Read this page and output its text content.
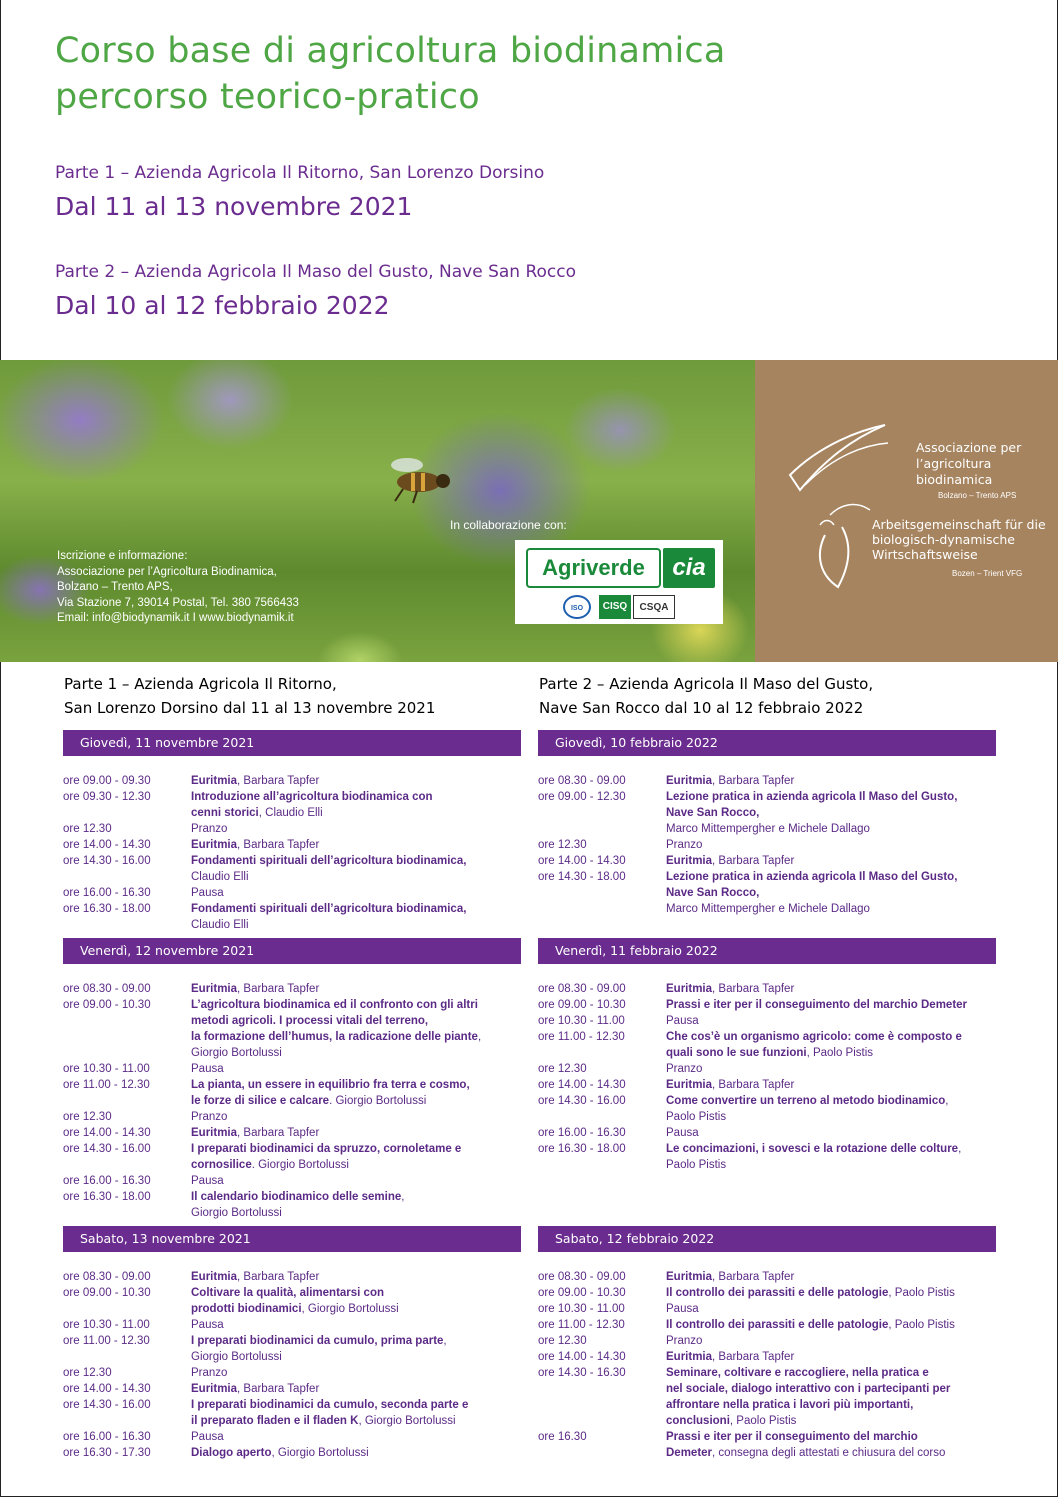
Corso base di agricoltura biodinamica
percorso teorico-pratico
Parte 1 – Azienda Agricola Il Ritorno, San Lorenzo Dorsino
Dal 11 al 13 novembre 2021
Parte 2 – Azienda Agricola Il Maso del Gusto, Nave San Rocco
Dal 10 al 12 febbraio 2022
In collaborazione con:
Iscrizione e informazione:
Associazione per l’Agricoltura Biodinamica,
Bolzano – Trento APS,
Via Stazione 7, 39014 Postal, Tel. 380 7566433
Email: info@biodynamik.it I www.biodynamik.it
Agriverde	cia
ISO	CISQ	CSQA
Associazione per
l’agricoltura
biodinamica
Bolzano – Trento APS
Arbeitsgemeinschaft für die
biologisch-dynamische
Wirtschaftsweise
Bozen – Trient VFG
Parte 1 – Azienda Agricola Il Ritorno,
San Lorenzo Dorsino dal 11 al 13 novembre 2021
Giovedì, 11 novembre 2021
ore 09.00 - 09.30	Euritmia, Barbara Tapfer
ore 09.30 - 12.30	Introduzione all’agricoltura biodinamica con
cenni storici, Claudio Elli
ore 12.30	Pranzo
ore 14.00 - 14.30	Euritmia, Barbara Tapfer
ore 14.30 - 16.00	Fondamenti spirituali dell’agricoltura biodinamica,
Claudio Elli
ore 16.00 - 16.30	Pausa
ore 16.30 - 18.00	Fondamenti spirituali dell’agricoltura biodinamica,
Claudio Elli
Venerdì, 12 novembre 2021
ore 08.30 - 09.00	Euritmia, Barbara Tapfer
ore 09.00 - 10.30	L’agricoltura biodinamica ed il confronto con gli altri
metodi agricoli. I processi vitali del terreno,
la formazione dell’humus, la radicazione delle piante,
Giorgio Bortolussi
ore 10.30 - 11.00	Pausa
ore 11.00 - 12.30	La pianta, un essere in equilibrio fra terra e cosmo,
le forze di silice e calcare. Giorgio Bortolussi
ore 12.30	Pranzo
ore 14.00 - 14.30	Euritmia, Barbara Tapfer
ore 14.30 - 16.00	I preparati biodinamici da spruzzo, cornoletame e
cornosilice. Giorgio Bortolussi
ore 16.00 - 16.30	Pausa
ore 16.30 - 18.00	Il calendario biodinamico delle semine,
Giorgio Bortolussi
Sabato, 13 novembre 2021
ore 08.30 - 09.00	Euritmia, Barbara Tapfer
ore 09.00 - 10.30	Coltivare la qualità, alimentarsi con
prodotti biodinamici, Giorgio Bortolussi
ore 10.30 - 11.00	Pausa
ore 11.00 - 12.30	I preparati biodinamici da cumulo, prima parte,
Giorgio Bortolussi
ore 12.30	Pranzo
ore 14.00 - 14.30	Euritmia, Barbara Tapfer
ore 14.30 - 16.00	I preparati biodinamici da cumulo, seconda parte e
il preparato fladen e il fladen K, Giorgio Bortolussi
ore 16.00 - 16.30	Pausa
ore 16.30 - 17.30	Dialogo aperto, Giorgio Bortolussi
Parte 2 – Azienda Agricola Il Maso del Gusto,
Nave San Rocco dal 10 al 12 febbraio 2022
Giovedì, 10 febbraio 2022
ore 08.30 - 09.00	Euritmia, Barbara Tapfer
ore 09.00 - 12.30	Lezione pratica in azienda agricola Il Maso del Gusto,
Nave San Rocco,
Marco Mittempergher e Michele Dallago
ore 12.30	Pranzo
ore 14.00 - 14.30	Euritmia, Barbara Tapfer
ore 14.30 - 18.00	Lezione pratica in azienda agricola Il Maso del Gusto,
Nave San Rocco,
Marco Mittempergher e Michele Dallago
Venerdì, 11 febbraio 2022
ore 08.30 - 09.00	Euritmia, Barbara Tapfer
ore 09.00 - 10.30	Prassi e iter per il conseguimento del marchio Demeter
ore 10.30 - 11.00	Pausa
ore 11.00 - 12.30	Che cos’è un organismo agricolo: come è composto e
quali sono le sue funzioni, Paolo Pistis
ore 12.30	Pranzo
ore 14.00 - 14.30	Euritmia, Barbara Tapfer
ore 14.30 - 16.00	Come convertire un terreno al metodo biodinamico,
Paolo Pistis
ore 16.00 - 16.30	Pausa
ore 16.30 - 18.00	Le concimazioni, i sovesci e la rotazione delle colture,
Paolo Pistis
Sabato, 12 febbraio 2022
ore 08.30 - 09.00	Euritmia, Barbara Tapfer
ore 09.00 - 10.30	Il controllo dei parassiti e delle patologie, Paolo Pistis
ore 10.30 - 11.00	Pausa
ore 11.00 - 12.30	Il controllo dei parassiti e delle patologie, Paolo Pistis
ore 12.30	Pranzo
ore 14.00 - 14.30	Euritmia, Barbara Tapfer
ore 14.30 - 16.30	Seminare, coltivare e raccogliere, nella pratica e
nel sociale, dialogo interattivo con i partecipanti per
affrontare nella pratica i lavori più importanti,
conclusioni, Paolo Pistis
ore 16.30	Prassi e iter per il conseguimento del marchio
Demeter, consegna degli attestati e chiusura del corso
